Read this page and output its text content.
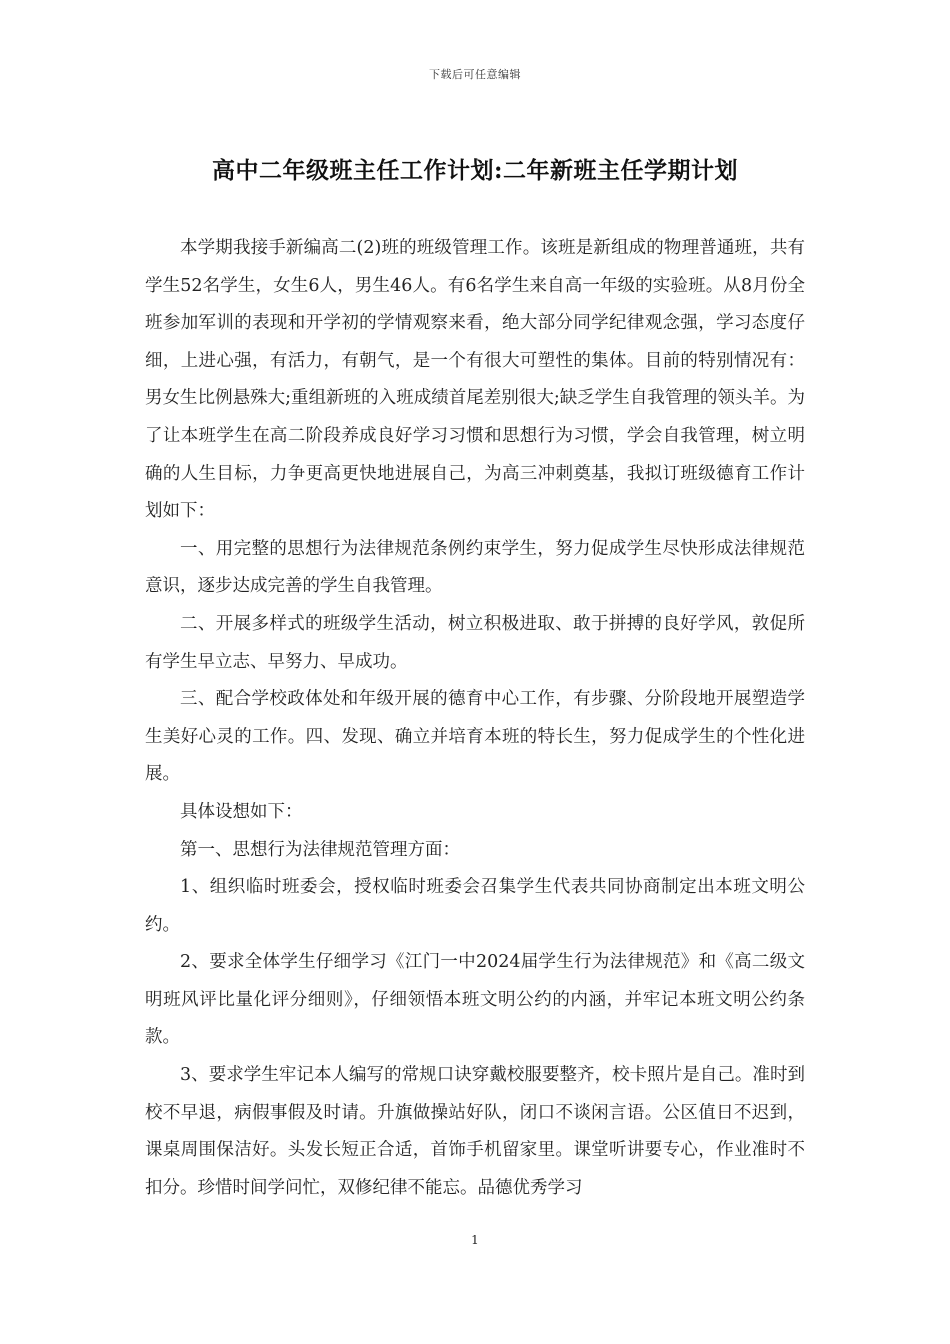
下载后可任意编辑
高中二年级班主任工作计划:二年新班主任学期计划

本学期我接手新编高二(2)班的班级管理工作。该班是新组成的物理普通班，共有学生52名学生，女生6人，男生46人。有6名学生来自高一年级的实验班。从8月份全班参加军训的表现和开学初的学情观察来看，绝大部分同学纪律观念强，学习态度仔细，上进心强，有活力，有朝气，是一个有很大可塑性的集体。目前的特别情况有：男女生比例悬殊大;重组新班的入班成绩首尾差别很大;缺乏学生自我管理的领头羊。为了让本班学生在高二阶段养成良好学习习惯和思想行为习惯，学会自我管理，树立明确的人生目标，力争更高更快地进展自己，为高三冲刺奠基，我拟订班级德育工作计划如下：

一、用完整的思想行为法律规范条例约束学生，努力促成学生尽快形成法律规范意识，逐步达成完善的学生自我管理。

二、开展多样式的班级学生活动，树立积极进取、敢于拼搏的良好学风，敦促所有学生早立志、早努力、早成功。

三、配合学校政体处和年级开展的德育中心工作，有步骤、分阶段地开展塑造学生美好心灵的工作。四、发现、确立并培育本班的特长生，努力促成学生的个性化进展。

具体设想如下：

第一、思想行为法律规范管理方面：

1、组织临时班委会，授权临时班委会召集学生代表共同协商制定出本班文明公约。

2、要求全体学生仔细学习《江门一中2024届学生行为法律规范》和《高二级文明班风评比量化评分细则》，仔细领悟本班文明公约的内涵，并牢记本班文明公约条款。

3、要求学生牢记本人编写的常规口诀穿戴校服要整齐，校卡照片是自己。准时到校不早退，病假事假及时请。升旗做操站好队，闭口不谈闲言语。公区值日不迟到，课桌周围保洁好。头发长短正合适，首饰手机留家里。课堂听讲要专心，作业准时不扣分。珍惜时间学问忙，双修纪律不能忘。品德优秀学习

1
